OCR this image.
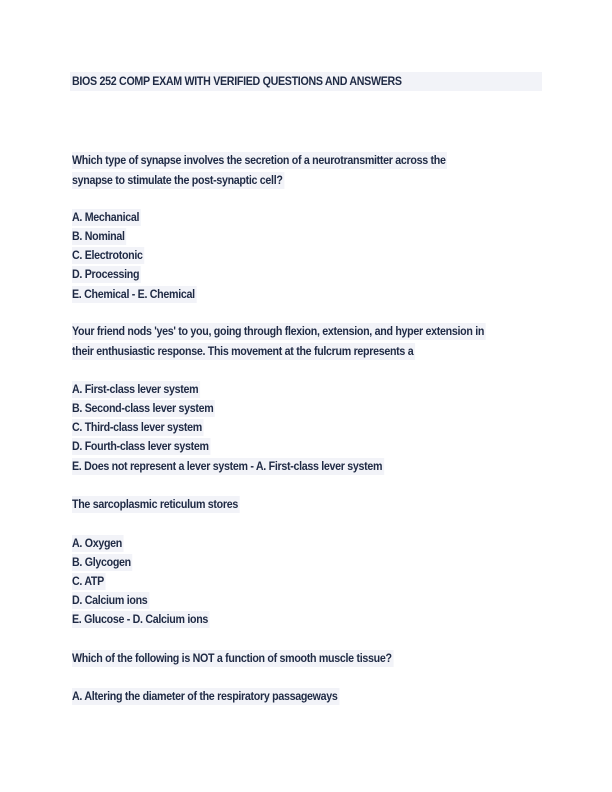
BIOS 252 COMP EXAM WITH VERIFIED QUESTIONS AND ANSWERS
Which type of synapse involves the secretion of a neurotransmitter across the
synapse to stimulate the post-synaptic cell?
A. Mechanical
B. Nominal
C. Electrotonic
D. Processing
E. Chemical - E. Chemical
Your friend nods 'yes' to you, going through flexion, extension, and hyper extension in
their enthusiastic response. This movement at the fulcrum represents a
A. First-class lever system
B. Second-class lever system
C. Third-class lever system
D. Fourth-class lever system
E. Does not represent a lever system - A. First-class lever system
The sarcoplasmic reticulum stores
A. Oxygen
B. Glycogen
C. ATP
D. Calcium ions
E. Glucose - D. Calcium ions
Which of the following is NOT a function of smooth muscle tissue?
A. Altering the diameter of the respiratory passageways
